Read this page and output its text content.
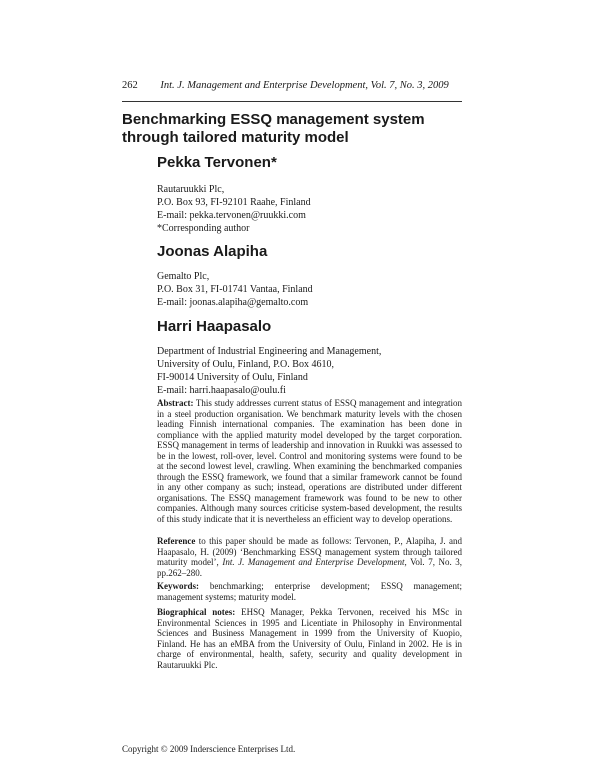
262 Int. J. Management and Enterprise Development, Vol. 7, No. 3, 2009
Benchmarking ESSQ management system through tailored maturity model
Pekka Tervonen*
Rautaruukki Plc,
P.O. Box 93, FI-92101 Raahe, Finland
E-mail: pekka.tervonen@ruukki.com
*Corresponding author
Joonas Alapiha
Gemalto Plc,
P.O. Box 31, FI-01741 Vantaa, Finland
E-mail: joonas.alapiha@gemalto.com
Harri Haapasalo
Department of Industrial Engineering and Management,
University of Oulu, Finland, P.O. Box 4610,
FI-90014 University of Oulu, Finland
E-mail: harri.haapasalo@oulu.fi
Abstract: This study addresses current status of ESSQ management and integration in a steel production organisation. We benchmark maturity levels with the chosen leading Finnish international companies. The examination has been done in compliance with the applied maturity model developed by the target corporation. ESSQ management in terms of leadership and innovation in Ruukki was assessed to be in the lowest, roll-over, level. Control and monitoring systems were found to be at the second lowest level, crawling. When examining the benchmarked companies through the ESSQ framework, we found that a similar framework cannot be found in any other company as such; instead, operations are distributed under different organisations. The ESSQ management framework was found to be new to other companies. Although many sources criticise system-based development, the results of this study indicate that it is nevertheless an efficient way to develop operations.
Reference to this paper should be made as follows: Tervonen, P., Alapiha, J. and Haapasalo, H. (2009) ‘Benchmarking ESSQ management system through tailored maturity model’, Int. J. Management and Enterprise Development, Vol. 7, No. 3, pp.262–280.
Keywords: benchmarking; enterprise development; ESSQ management; management systems; maturity model.
Biographical notes: EHSQ Manager, Pekka Tervonen, received his MSc in Environmental Sciences in 1995 and Licentiate in Philosophy in Environmental Sciences and Business Management in 1999 from the University of Kuopio, Finland. He has an eMBA from the University of Oulu, Finland in 2002. He is in charge of environmental, health, safety, security and quality development in Rautaruukki Plc.
Copyright © 2009 Inderscience Enterprises Ltd.
